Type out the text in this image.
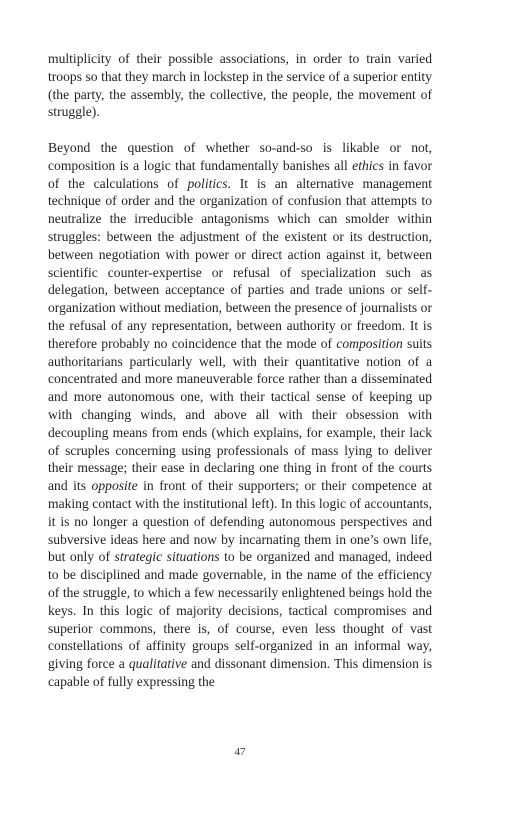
multiplicity of their possible associations, in order to train varied troops so that they march in lockstep in the service of a superior entity (the party, the assembly, the collective, the people, the movement of struggle).

Beyond the question of whether so-and-so is likable or not, composition is a logic that fundamentally banishes all ethics in favor of the calculations of politics. It is an alternative management technique of order and the organization of confusion that attempts to neutralize the irreducible antagonisms which can smolder within struggles: between the adjustment of the existent or its destruction, between negotiation with power or direct action against it, between scientific counter-expertise or refusal of specialization such as delegation, between acceptance of parties and trade unions or self-organization without mediation, between the presence of journalists or the refusal of any representation, between authority or freedom. It is therefore probably no coincidence that the mode of composition suits authoritarians particularly well, with their quantitative notion of a concentrated and more maneuverable force rather than a disseminated and more autonomous one, with their tactical sense of keeping up with changing winds, and above all with their obsession with decoupling means from ends (which explains, for example, their lack of scruples concerning using professionals of mass lying to deliver their message; their ease in declaring one thing in front of the courts and its opposite in front of their supporters; or their competence at making contact with the institutional left). In this logic of accountants, it is no longer a question of defending autonomous perspectives and subversive ideas here and now by incarnating them in one’s own life, but only of strategic situations to be organized and managed, indeed to be disciplined and made governable, in the name of the efficiency of the struggle, to which a few necessarily enlightened beings hold the keys. In this logic of majority decisions, tactical compromises and superior commons, there is, of course, even less thought of vast constellations of affinity groups self-organized in an informal way, giving force a qualitative and dissonant dimension. This dimension is capable of fully expressing the

47
